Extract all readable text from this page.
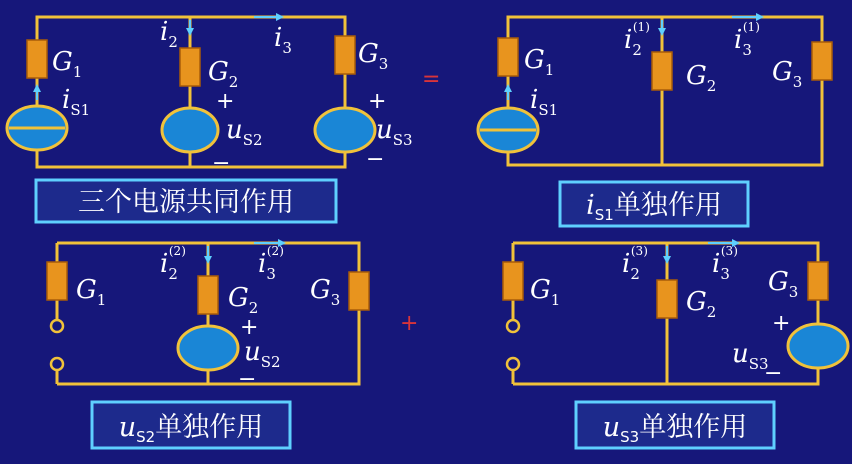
$G_1$
$i_{S1}$
$i_2$
$G_2$
$i_3$	$G_3$
+
$u_{S2}$
−
+
$u_{S3}$
−
三个电源共同作用
=
$G_1$
$i_{S1}$
$i_2(1)$
$G_2$
$i_3(1)$
$G_3$
$i_{S1}$单独作用
$G_1$
$i_2(2)$
$G_2$
$i_3(2)$
$G_3$
+
$u_{S2}$
−
$u_{S2}$单独作用
+
$G_1$
$i_2(3)$
$G_2$
$i_3(3)$
$G_3$
+
$u_{S3}$
−
$u_{S3}$单独作用
